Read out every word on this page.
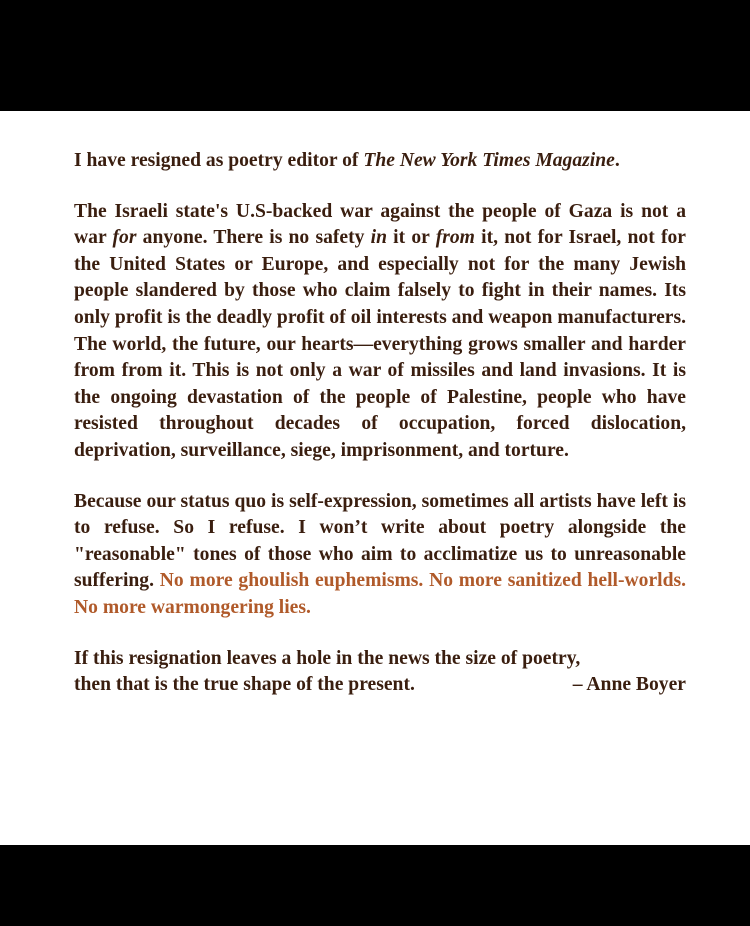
I have resigned as poetry editor of The New York Times Magazine.

The Israeli state's U.S-backed war against the people of Gaza is not a war for anyone. There is no safety in it or from it, not for Israel, not for the United States or Europe, and especially not for the many Jewish people slandered by those who claim falsely to fight in their names. Its only profit is the deadly profit of oil interests and weapon manufacturers. The world, the future, our hearts—everything grows smaller and harder from from it. This is not only a war of missiles and land invasions. It is the ongoing devastation of the people of Palestine, people who have resisted throughout decades of occupation, forced dislocation, deprivation, surveillance, siege, imprisonment, and torture.

Because our status quo is self-expression, sometimes all artists have left is to refuse. So I refuse. I won’t write about poetry alongside the "reasonable" tones of those who aim to acclimatize us to unreasonable suffering. No more ghoulish euphemisms. No more sanitized hell-worlds. No more warmongering lies.

If this resignation leaves a hole in the news the size of poetry,
then that is the true shape of the present.	– Anne Boyer
